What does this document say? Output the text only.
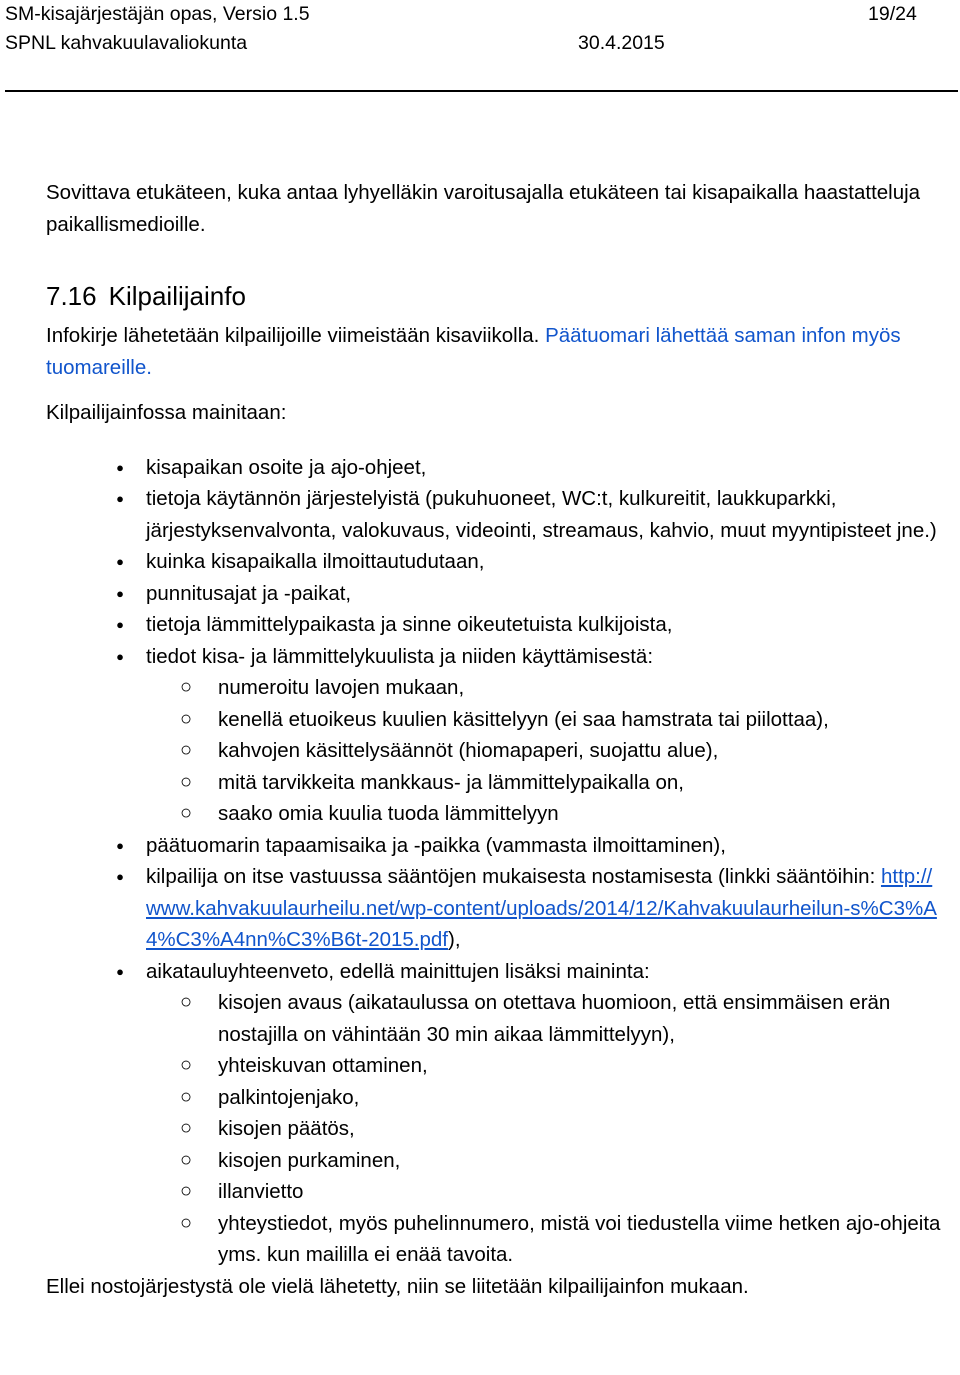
SM-kisajärjestäjän opas, Versio 1.5	19/24
SPNL kahvakuulavaliokunta	30.4.2015

Sovittava etukäteen, kuka antaa lyhyelläkin varoitusajalla etukäteen tai kisapaikalla haastatteluja paikallismedioille.

7.16 Kilpailijainfo

Infokirje lähetetään kilpailijoille viimeistään kisaviikolla. Päätuomari lähettää saman infon myös tuomareille.

Kilpailijainfossa mainitaan:

● kisapaikan osoite ja ajo-ohjeet,
● tietoja käytännön järjestelyistä (pukuhuoneet, WC:t, kulkureitit, laukkuparkki, järjestyksenvalvonta, valokuvaus, videointi, streamaus, kahvio, muut myyntipisteet jne.)
● kuinka kisapaikalla ilmoittautudutaan,
● punnitusajat ja -paikat,
● tietoja lämmittelypaikasta ja sinne oikeutetuista kulkijoista,
● tiedot kisa- ja lämmittelykuulista ja niiden käyttämisestä:
○ numeroitu lavojen mukaan,
○ kenellä etuoikeus kuulien käsittelyyn (ei saa hamstrata tai piilottaa),
○ kahvojen käsittelysäännöt (hiomapaperi, suojattu alue),
○ mitä tarvikkeita mankkaus- ja lämmittelypaikalla on,
○ saako omia kuulia tuoda lämmittelyyn
● päätuomarin tapaamisaika ja -paikka (vammasta ilmoittaminen),
● kilpailija on itse vastuussa sääntöjen mukaisesta nostamisesta (linkki sääntöihin: http://www.kahvakuulaurheilu.net/wp-content/uploads/2014/12/Kahvakuulaurheilun-s%C3%A4%C3%A4nn%C3%B6t-2015.pdf),
● aikatauluyhteenveto, edellä mainittujen lisäksi maininta:
○ kisojen avaus (aikataulussa on otettava huomioon, että ensimmäisen erän nostajilla on vähintään 30 min aikaa lämmittelyyn),
○ yhteiskuvan ottaminen,
○ palkintojenjako,
○ kisojen päätös,
○ kisojen purkaminen,
○ illanvietto
○ yhteystiedot, myös puhelinnumero, mistä voi tiedustella viime hetken ajo-ohjeita yms. kun maililla ei enää tavoita.

Ellei nostojärjestystä ole vielä lähetetty, niin se liitetään kilpailijainfon mukaan.
